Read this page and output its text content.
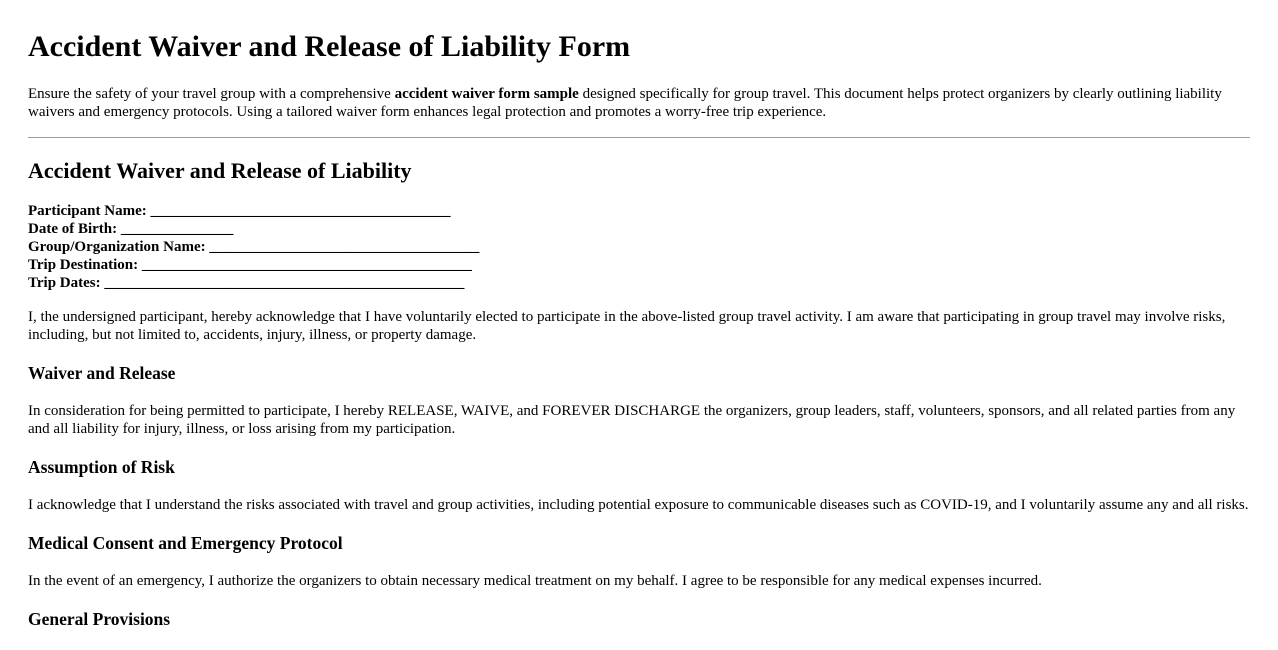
Accident Waiver and Release of Liability Form

Ensure the safety of your travel group with a comprehensive accident waiver form sample designed specifically for group travel. This document helps protect organizers by clearly outlining liability waivers and emergency protocols. Using a tailored waiver form enhances legal protection and promotes a worry-free trip experience.

Accident Waiver and Release of Liability
Participant Name: ________________________________________
Date of Birth: _______________
Group/Organization Name: ____________________________________
Trip Destination: ____________________________________________
Trip Dates: ________________________________________________

I, the undersigned participant, hereby acknowledge that I have voluntarily elected to participate in the above-listed group travel activity. I am aware that participating in group travel may involve risks, including, but not limited to, accidents, injury, illness, or property damage.

Waiver and Release

In consideration for being permitted to participate, I hereby RELEASE, WAIVE, and FOREVER DISCHARGE the organizers, group leaders, staff, volunteers, sponsors, and all related parties from any and all liability for injury, illness, or loss arising from my participation.

Assumption of Risk

I acknowledge that I understand the risks associated with travel and group activities, including potential exposure to communicable diseases such as COVID-19, and I voluntarily assume any and all risks.

Medical Consent and Emergency Protocol

In the event of an emergency, I authorize the organizers to obtain necessary medical treatment on my behalf. I agree to be responsible for any medical expenses incurred.

General Provisions
